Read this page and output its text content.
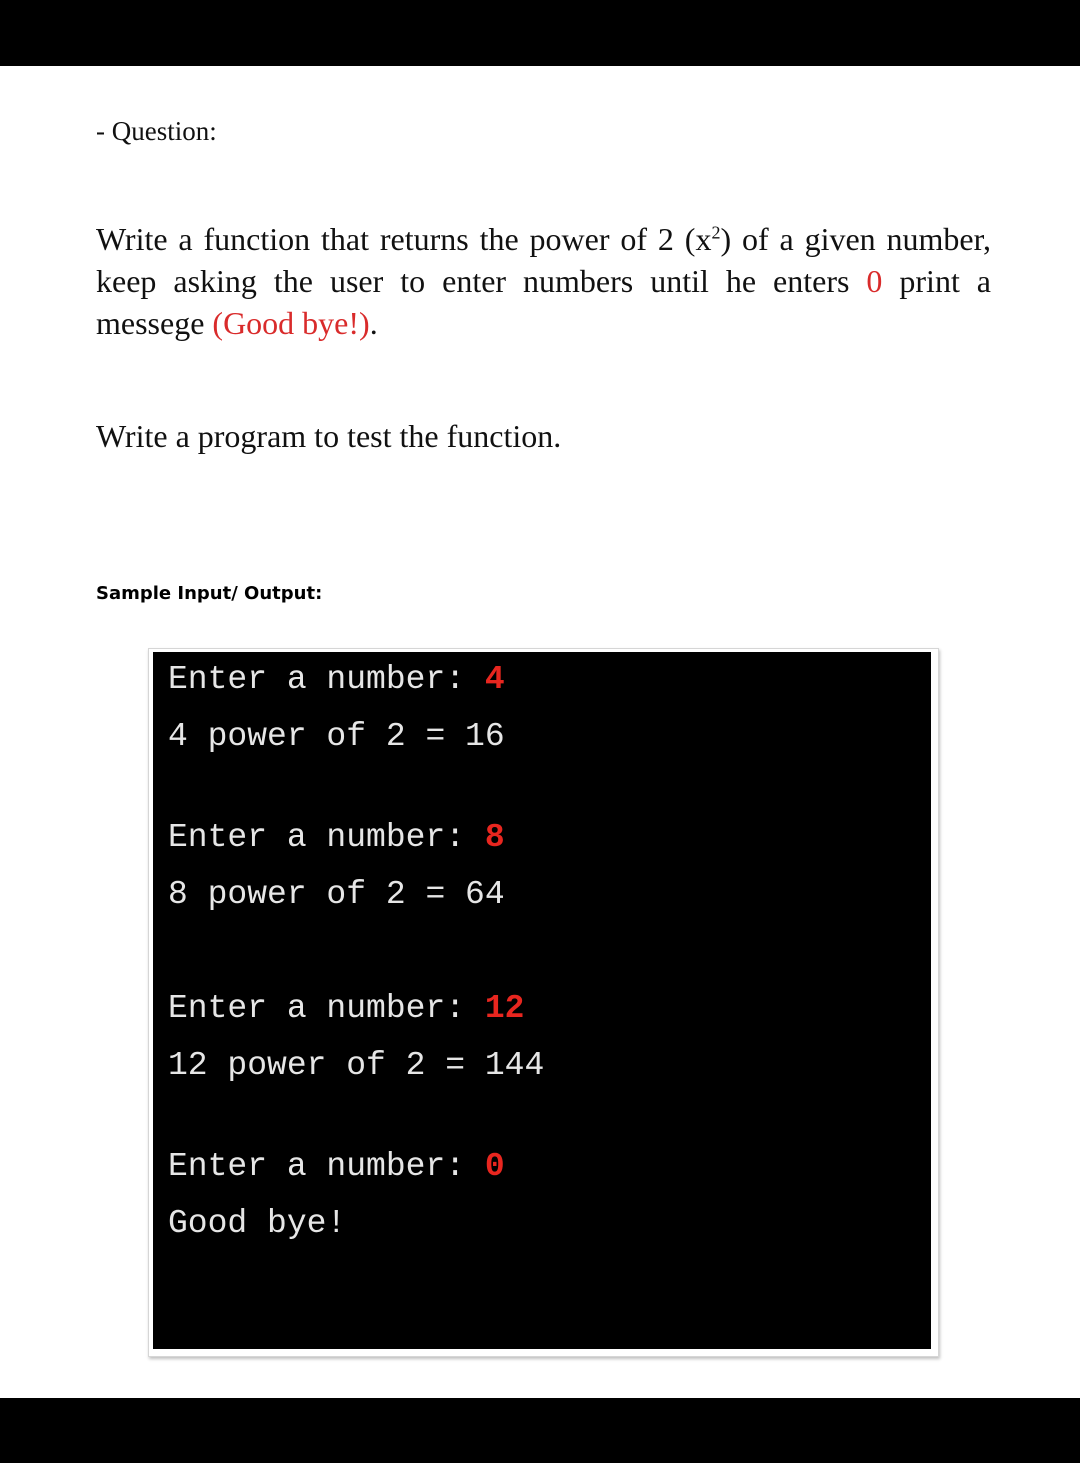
- Question:
Write a function that returns the power of 2 $(x^2)$ of a given number, keep asking the user to enter numbers until he enters 0 print a messege (Good bye!).
Write a program to test the function.
Sample Input/ Output:
Enter a number: 4
4 power of 2 = 16
Enter a number: 8
8 power of 2 = 64
Enter a number: 12
12 power of 2 = 144
Enter a number: 0
Good bye!
